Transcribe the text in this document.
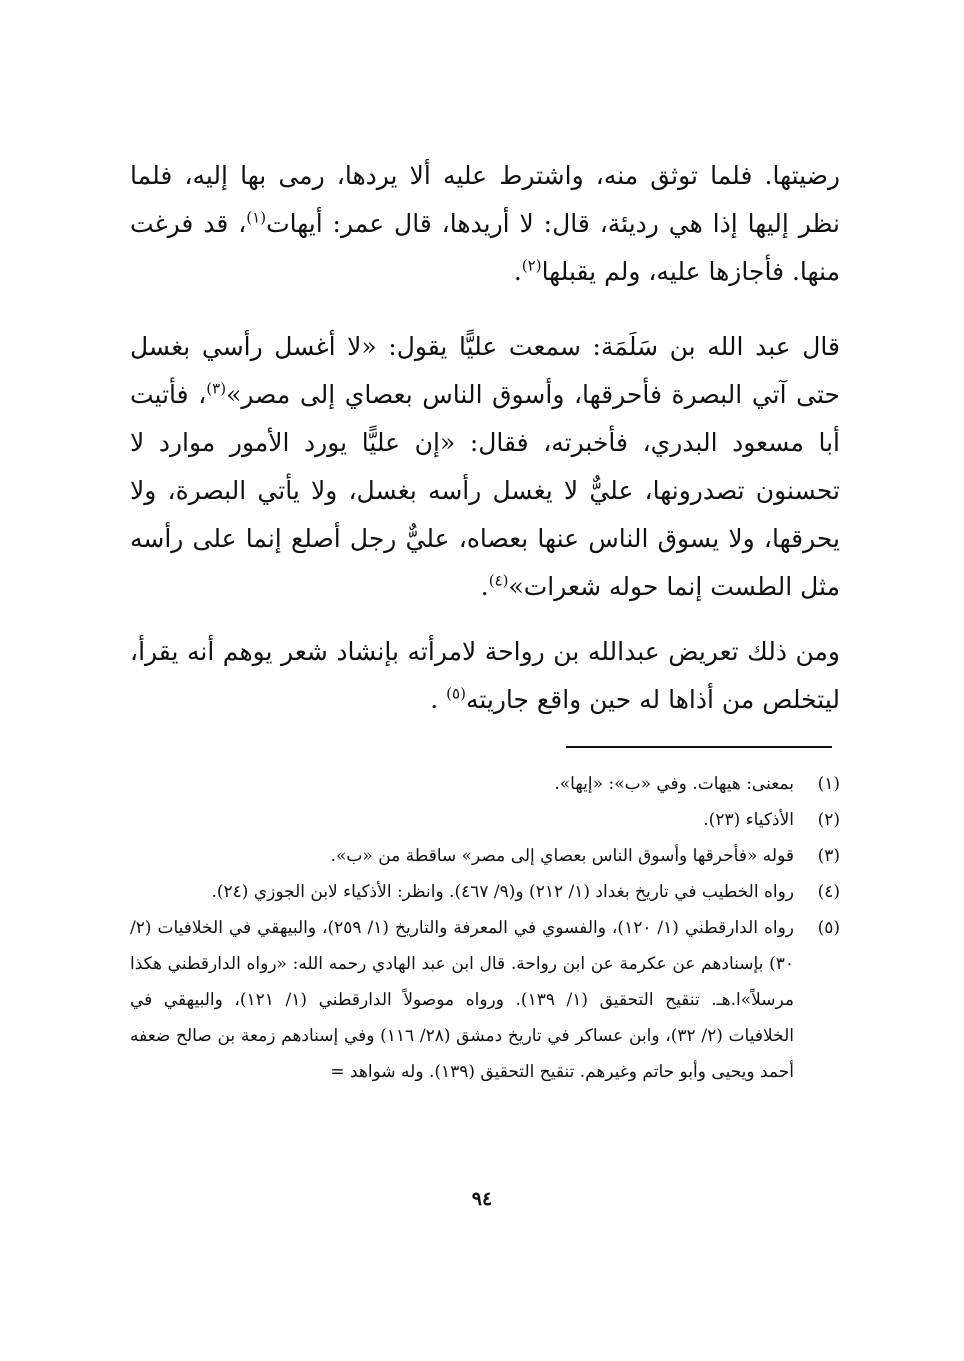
رضيتها. فلما توثق منه، واشترط عليه ألا يردها، رمى بها إليه، فلما نظر إليها إذا هي رديئة، قال: لا أريدها، قال عمر: أيهات$^{(١)}$، قد فرغت منها. فأجازها عليه، ولم يقبلها$^{(٢)}$.

قال عبد الله بن سَلَمَة: سمعت عليًّا يقول: «لا أغسل رأسي بغسل حتى آتي البصرة فأحرقها، وأسوق الناس بعصاي إلى مصر»$^{(٣)}$، فأتيت أبا مسعود البدري، فأخبرته، فقال: «إن عليًّا يورد الأمور موارد لا تحسنون تصدرونها، عليٌّ لا يغسل رأسه بغسل، ولا يأتي البصرة، ولا يحرقها، ولا يسوق الناس عنها بعصاه، عليٌّ رجل أصلع إنما على رأسه مثل الطست إنما حوله شعرات»$^{(٤)}$.

ومن ذلك تعريض عبدالله بن رواحة لامرأته بإنشاد شعر يوهم أنه يقرأ، ليتخلص من أذاها له حين واقع جاريته$^{(٥)}$ .

(١)
بمعنى: هيهات. وفي «ب»: «إيها».
(٢)
الأذكياء (٢٣).
(٣)
قوله «فأحرقها وأسوق الناس بعصاي إلى مصر» ساقطة من «ب».
(٤)
رواه الخطيب في تاريخ بغداد (١/ ٢١٢) و(٩/ ٤٦٧). وانظر: الأذكياء لابن الجوزي (٢٤).
(٥)
رواه الدارقطني (١/ ١٢٠)، والفسوي في المعرفة والتاريخ (١/ ٢٥٩)، والبيهقي في الخلافيات (٢/ ٣٠) بإسنادهم عن عكرمة عن ابن رواحة. قال ابن عبد الهادي رحمه الله: «رواه الدارقطني هكذا مرسلاً»ا.هـ. تنقيح التحقيق (١/ ١٣٩). ورواه موصولاً الدارقطني (١/ ١٢١)، والبيهقي في الخلافيات (٢/ ٣٢)، وابن عساكر في تاريخ دمشق (٢٨/ ١١٦) وفي إسنادهم زمعة بن صالح ضعفه أحمد ويحيى وأبو حاتم وغيرهم. تنقيح التحقيق (١٣٩). وله شواهد =
٩٤
